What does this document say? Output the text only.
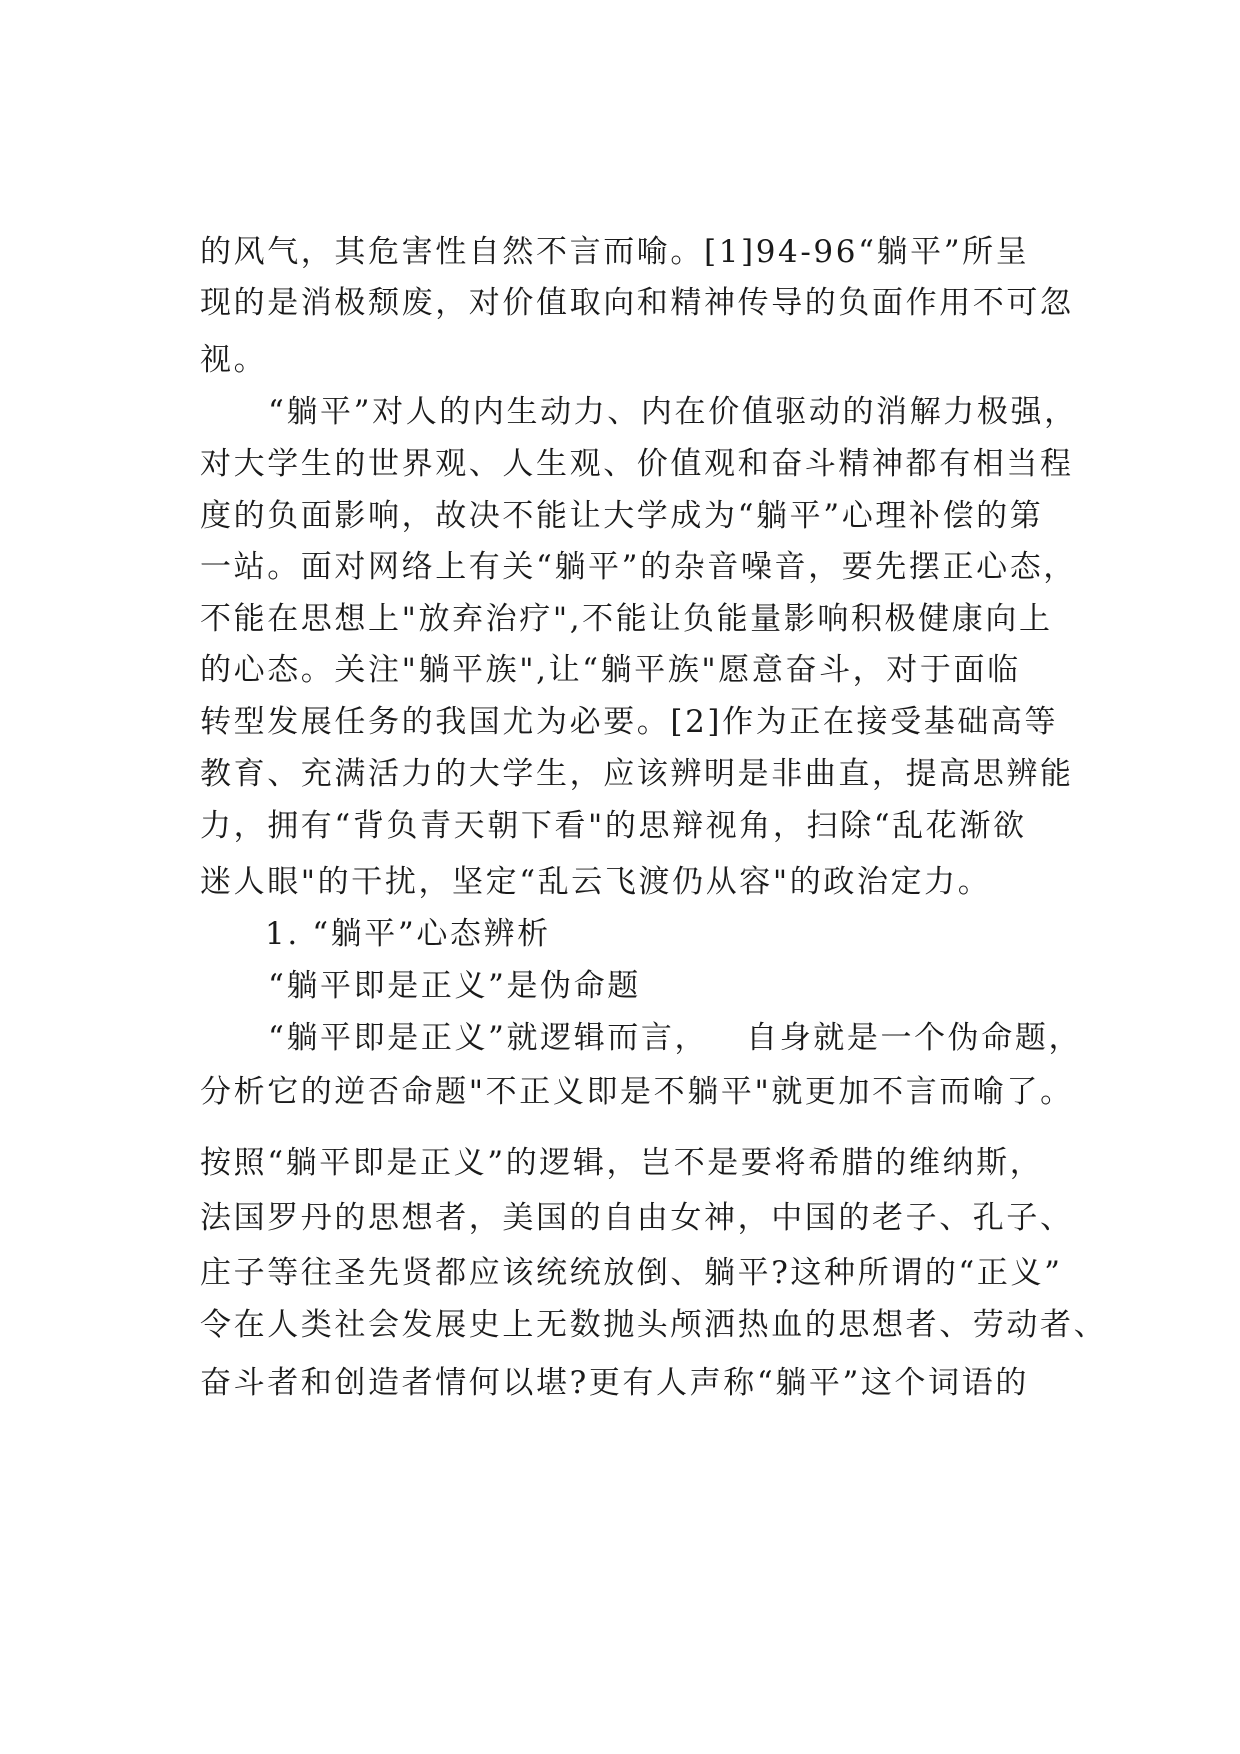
的风气，其危害性自然不言而喻。[1]94-96“躺平”所呈

现的是消极颓废，对价值取向和精神传导的负面作用不可忽

视。

“躺平”对人的内生动力、内在价值驱动的消解力极强，

对大学生的世界观、人生观、价值观和奋斗精神都有相当程

度的负面影响，故决不能让大学成为“躺平”心理补偿的第

一站。面对网络上有关“躺平”的杂音噪音，要先摆正心态，

不能在思想上"放弃治疗",不能让负能量影响积极健康向上

的心态。关注"躺平族",让“躺平族"愿意奋斗，对于面临

转型发展任务的我国尤为必要。[2]作为正在接受基础高等

教育、充满活力的大学生，应该辨明是非曲直，提高思辨能

力，拥有“背负青天朝下看"的思辩视角，扫除“乱花渐欲

迷人眼"的干扰，坚定“乱云飞渡仍从容"的政治定力。

1. “躺平”心态辨析

“躺平即是正义”是伪命题

“躺平即是正义”就逻辑而言， 自身就是一个伪命题，

分析它的逆否命题"不正义即是不躺平"就更加不言而喻了。

按照“躺平即是正义”的逻辑，岂不是要将希腊的维纳斯，

法国罗丹的思想者，美国的自由女神，中国的老子、孔子、

庄子等往圣先贤都应该统统放倒、躺平?这种所谓的“正义”

令在人类社会发展史上无数抛头颅洒热血的思想者、劳动者、

奋斗者和创造者情何以堪?更有人声称“躺平”这个词语的
